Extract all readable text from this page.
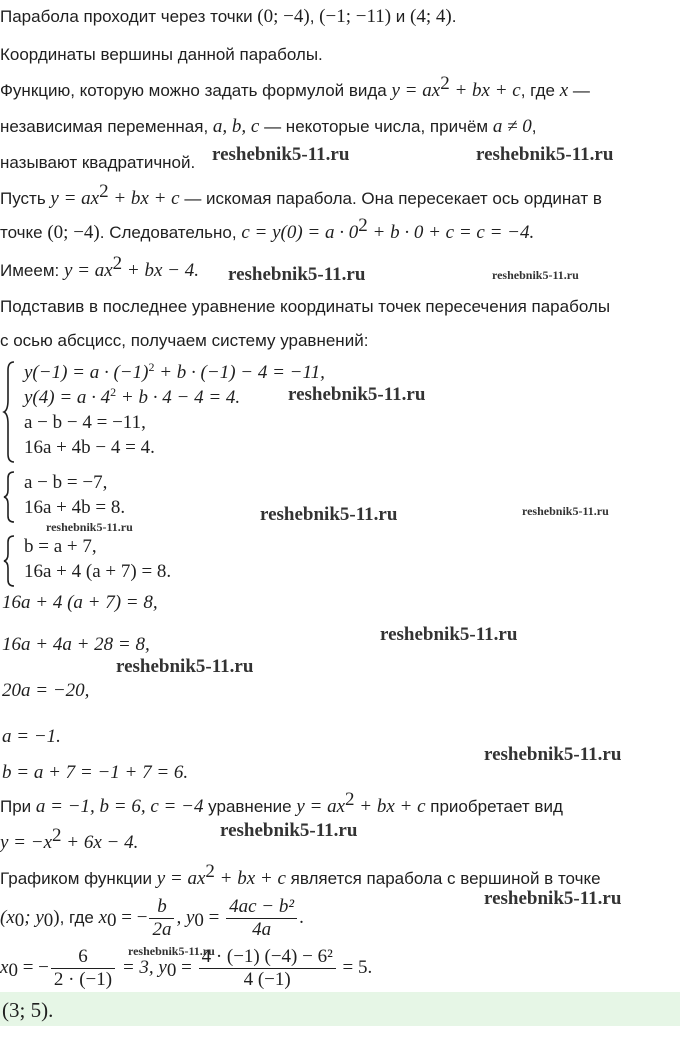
Парабола проходит через точки (0; −4), (−1; −11) и (4; 4).
Координаты вершины данной параболы.
Функцию, которую можно задать формулой вида $y = ax^2$ + bx + c, где x —
независимая переменная, a, b, c — некоторые числа, причём a ≠ 0,
называют квадратичной.
Пусть $y = ax^2$ + bx + c — искомая парабола. Она пересекает ось ординат в
точке (0; −4). Следовательно, $c = y(0) = a \cdot 0^2 + b \cdot 0 + c = c = -4$.
Имеем: $y = ax^2$ + bx − 4.
Подставив в последнее уравнение координаты точек пересечения параболы
с осью абсцисс, получаем систему уравнений:
$y(-1) = a \cdot (-1)^2 + b \cdot (-1) - 4 = -11$,
$y(4) = a \cdot 4^2 + b \cdot 4 - 4 = 4$.
a − b − 4 = −11,
16a + 4b − 4 = 4.
a − b = −7,
16a + 4b = 8.
b = a + 7,
16a + 4 (a + 7) = 8.
16a + 4 (a + 7) = 8,
16a + 4a + 28 = 8,
20a = −20,
a = −1.
b = a + 7 = −1 + 7 = 6.
При a = −1, b = 6, c = −4 уравнение $y = ax^2$ + bx + c приобретает вид
$y = -x^2 + 6x - 4$.
Графиком функции $y = ax^2$ + bx + c является парабола с вершиной в точке
($x_0$; $y_0$), где $x_0$ = − $\frac{b}{2a}$ , $y_0 = \frac{\text{4ac − b²}}{4a}$ .
$x_0$ = − $\frac{6}{2 \cdot (-1)} = 3$, $y_0 = \frac{\text{4 · (−1) (−4) − 6²}}{4 (-1)} = 5$.
(3; 5).
reshebnik5-11.ru	reshebnik5-11.ru
reshebnik5-11.ru	reshebnik5-11.ru
reshebnik5-11.ru
reshebnik5-11.ru	reshebnik5-11.ru
reshebnik5-11.ru
reshebnik5-11.ru
reshebnik5-11.ru
reshebnik5-11.ru
reshebnik5-11.ru
reshebnik5-11.ru
reshebnik5-11.ru
